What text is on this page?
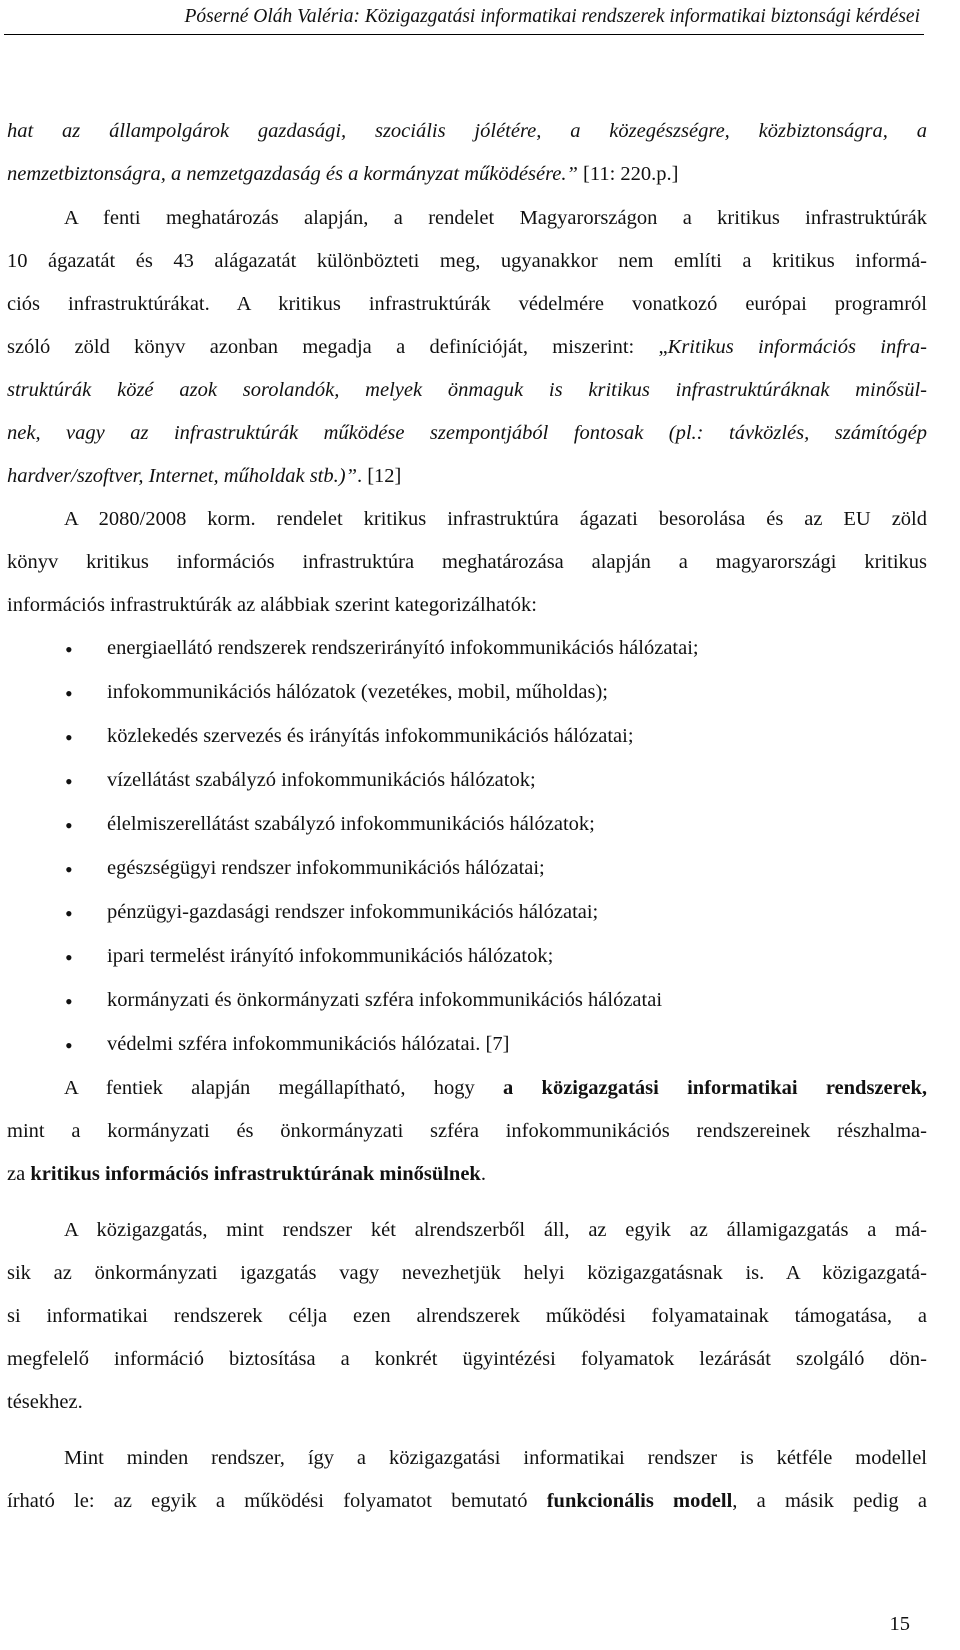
Póserné Oláh Valéria: Közigazgatási informatikai rendszerek informatikai biztonsági kérdései
hat az állampolgárok gazdasági, szociális jólétére, a közegészségre, közbiztonságra, a
nemzetbiztonságra, a nemzetgazdaság és a kormányzat működésére.” [11: 220.p.]
A fenti meghatározás alapján, a rendelet Magyarországon a kritikus infrastruktúrák
10 ágazatát és 43 alágazatát különbözteti meg, ugyanakkor nem említi a kritikus informá-
ciós infrastruktúrákat. A kritikus infrastruktúrák védelmére vonatkozó európai programról
szóló zöld könyv azonban megadja a definícióját, miszerint: „Kritikus információs infra-
struktúrák közé azok sorolandók, melyek önmaguk is kritikus infrastruktúráknak minősül-
nek, vagy az infrastruktúrák működése szempontjából fontosak (pl.: távközlés, számítógép
hardver/szoftver, Internet, műholdak stb.)”. [12]
A 2080/2008 korm. rendelet kritikus infrastruktúra ágazati besorolása és az EU zöld
könyv kritikus információs infrastruktúra meghatározása alapján a magyarországi kritikus
információs infrastruktúrák az alábbiak szerint kategorizálhatók:
• energiaellátó rendszerek rendszerirányító infokommunikációs hálózatai;
• infokommunikációs hálózatok (vezetékes, mobil, műholdas);
• közlekedés szervezés és irányítás infokommunikációs hálózatai;
• vízellátást szabályzó infokommunikációs hálózatok;
• élelmiszerellátást szabályzó infokommunikációs hálózatok;
• egészségügyi rendszer infokommunikációs hálózatai;
• pénzügyi-gazdasági rendszer infokommunikációs hálózatai;
• ipari termelést irányító infokommunikációs hálózatok;
• kormányzati és önkormányzati szféra infokommunikációs hálózatai
• védelmi szféra infokommunikációs hálózatai. [7]
A fentiek alapján megállapítható, hogy a közigazgatási informatikai rendszerek,
mint a kormányzati és önkormányzati szféra infokommunikációs rendszereinek részhalma-
za kritikus információs infrastruktúrának minősülnek.
A közigazgatás, mint rendszer két alrendszerből áll, az egyik az államigazgatás a má-
sik az önkormányzati igazgatás vagy nevezhetjük helyi közigazgatásnak is. A közigazgatá-
si informatikai rendszerek célja ezen alrendszerek működési folyamatainak támogatása, a
megfelelő információ biztosítása a konkrét ügyintézési folyamatok lezárását szolgáló dön-
tésekhez.
Mint minden rendszer, így a közigazgatási informatikai rendszer is kétféle modellel
írható le: az egyik a működési folyamatot bemutató funkcionális modell, a másik pedig a
15
